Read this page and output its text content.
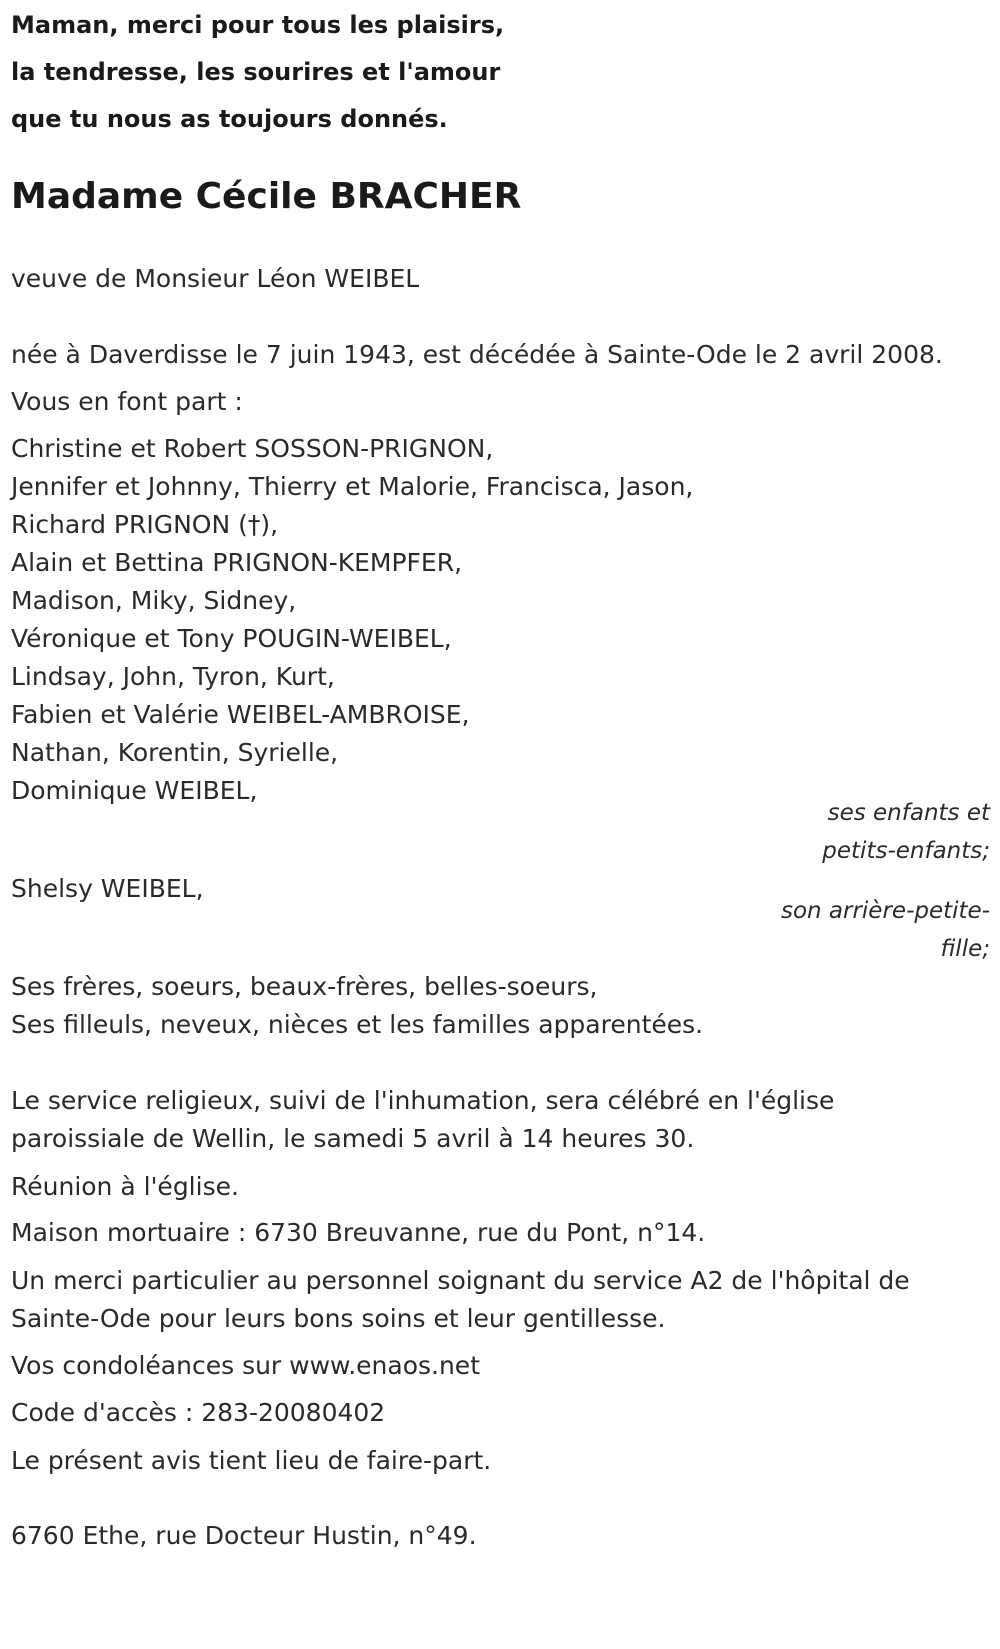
Maman, merci pour tous les plaisirs,
la tendresse, les sourires et l'amour
que tu nous as toujours donnés.
Madame Cécile BRACHER
veuve de Monsieur Léon WEIBEL
née à Daverdisse le 7 juin 1943, est décédée à Sainte-Ode le 2 avril 2008.
Vous en font part :
Christine et Robert SOSSON-PRIGNON,
Jennifer et Johnny, Thierry et Malorie, Francisca, Jason,
Richard PRIGNON (†),
Alain et Bettina PRIGNON-KEMPFER,
Madison, Miky, Sidney,
Véronique et Tony POUGIN-WEIBEL,
Lindsay, John, Tyron, Kurt,
Fabien et Valérie WEIBEL-AMBROISE,
Nathan, Korentin, Syrielle,
Dominique WEIBEL,
ses enfants et
petits-enfants;
Shelsy WEIBEL,
son arrière-petite-
fille;
Ses frères, soeurs, beaux-frères, belles-soeurs,
Ses filleuls, neveux, nièces et les familles apparentées.
Le service religieux, suivi de l'inhumation, sera célébré en l'église
paroissiale de Wellin, le samedi 5 avril à 14 heures 30.
Réunion à l'église.
Maison mortuaire : 6730 Breuvanne, rue du Pont, n°14.
Un merci particulier au personnel soignant du service A2 de l'hôpital de
Sainte-Ode pour leurs bons soins et leur gentillesse.
Vos condoléances sur www.enaos.net
Code d'accès : 283-20080402
Le présent avis tient lieu de faire-part.
6760 Ethe, rue Docteur Hustin, n°49.
